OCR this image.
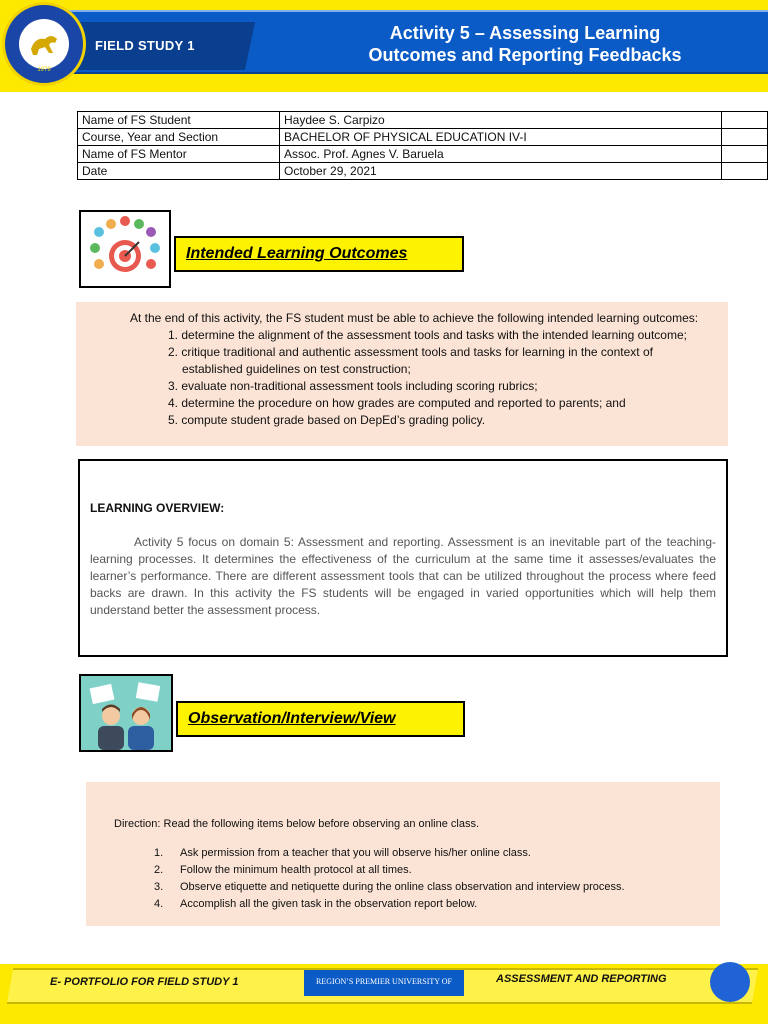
1979
FIELD STUDY 1
Activity 5 – Assessing Learning
Outcomes and Reporting Feedbacks
Name of FS Student	Haydee S. Carpizo	
Course, Year and Section	BACHELOR OF PHYSICAL EDUCATION IV-I	
Name of FS Mentor	Assoc. Prof. Agnes V. Baruela	
Date	October 29, 2021	
Intended Learning Outcomes
At the end of this activity, the FS student must be able to achieve the following intended learning outcomes:
1. determine the alignment of the assessment tools and tasks with the intended learning outcome;
2. critique traditional and authentic assessment tools and tasks for learning in the context of
established guidelines on test construction;
3. evaluate non-traditional assessment tools including scoring rubrics;
4. determine the procedure on how grades are computed and reported to parents; and
5. compute student grade based on DepEd’s grading policy.
LEARNING OVERVIEW:
Activity 5 focus on domain 5: Assessment and reporting. Assessment is an inevitable part of the teaching-learning processes. It determines the effectiveness of the curriculum at the same time it assesses/evaluates the learner’s performance. There are different assessment tools that can be utilized throughout the process where feed backs are drawn. In this activity the FS students will be engaged in varied opportunities which will help them understand better the assessment process.
Observation/Interview/View
Direction: Read the following items below before observing an online class.
1. Ask permission from a teacher that you will observe his/her online class.
2. Follow the minimum health protocol at all times.
3. Observe etiquette and netiquette during the online class observation and interview process.
4. Accomplish all the given task in the observation report below.
E- PORTFOLIO FOR FIELD STUDY 1	REGION’S PREMIER UNIVERSITY OF	ASSESSMENT AND REPORTING
